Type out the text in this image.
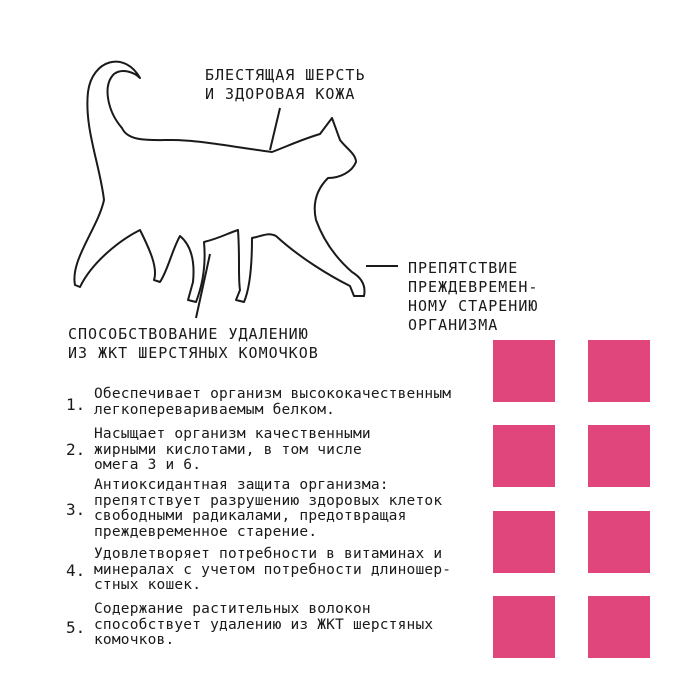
БЛЕСТЯЩАЯ ШЕРСТЬ
И ЗДОРОВАЯ КОЖА

ПРЕПЯТСТВИЕ
ПРЕЖДЕВРЕМЕН-
НОМУ СТАРЕНИЮ
ОРГАНИЗМА

СПОСОБСТВОВАНИЕ УДАЛЕНИЮ
ИЗ ЖКТ ШЕРСТЯНЫХ КОМОЧКОВ

1.
Обеспечивает организм высококачественным
легкоперевариваемым белком.
2.
Насыщает организм качественными
жирными кислотами, в том числе
омега 3 и 6.
3.
Антиоксидантная защита организма:
препятствует разрушению здоровых клеток
свободными радикалами, предотвращая
преждевременное старение.
4.
Удовлетворяет потребности в витаминах и
минералах с учетом потребности длиношер-
стных кошек.
5.
Содержание растительных волокон
способствует удалению из ЖКТ шерстяных
комочков.
